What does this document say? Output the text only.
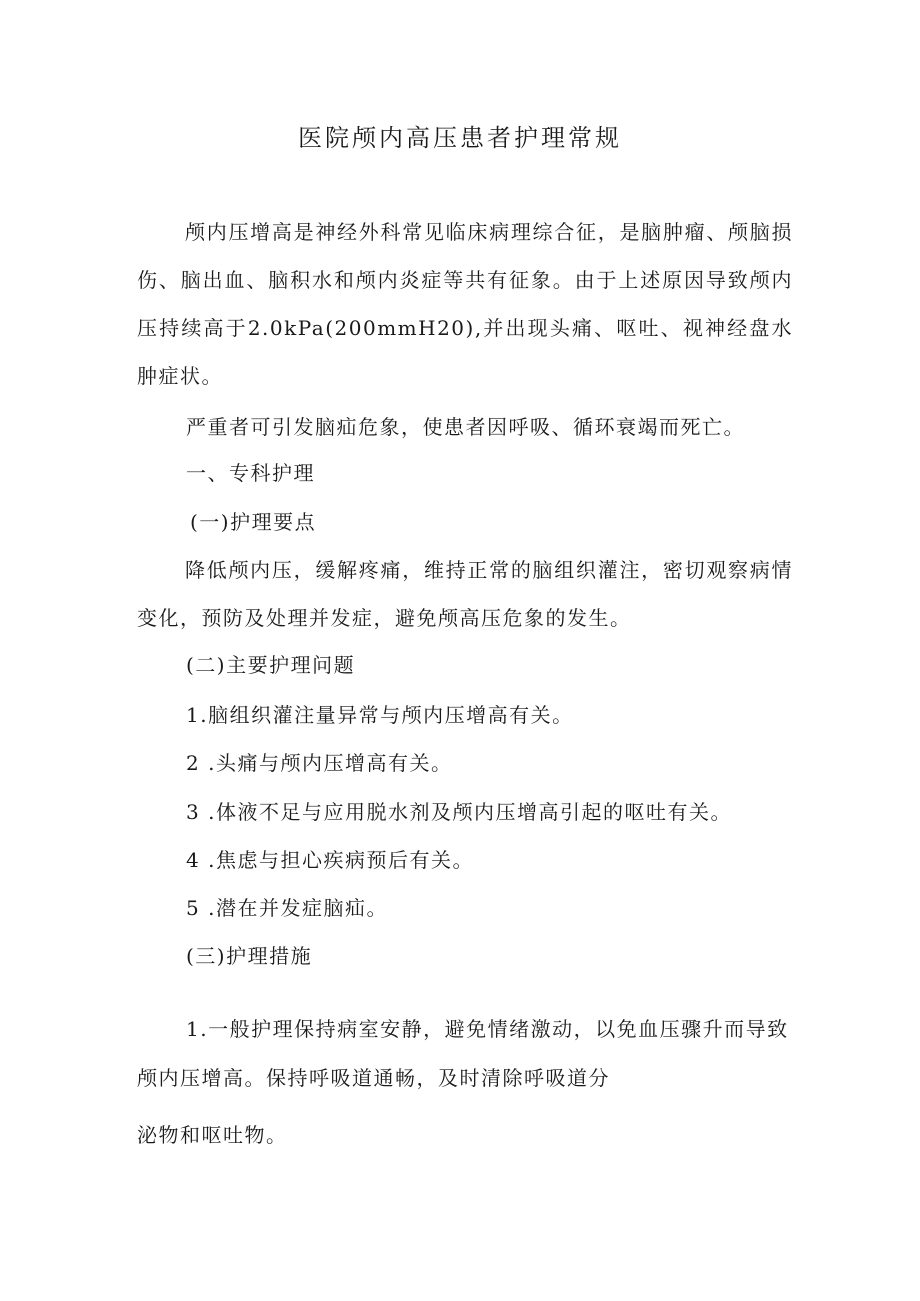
医院颅内高压患者护理常规
颅内压增高是神经外科常见临床病理综合征，是脑肿瘤、颅脑损伤、脑出血、脑积水和颅内炎症等共有征象。由于上述原因导致颅内压持续高于2.0kPa(200mmH20),并出现头痛、呕吐、视神经盘水肿症状。
严重者可引发脑疝危象，使患者因呼吸、循环衰竭而死亡。
一、专科护理
(一)护理要点
降低颅内压，缓解疼痛，维持正常的脑组织灌注，密切观察病情变化，预防及处理并发症，避免颅高压危象的发生。
(二)主要护理问题
1.脑组织灌注量异常与颅内压增高有关。
2 .头痛与颅内压增高有关。
3 .体液不足与应用脱水剂及颅内压增高引起的呕吐有关。
4 .焦虑与担心疾病预后有关。
5 .潜在并发症脑疝。
(三)护理措施
1.一般护理保持病室安静，避免情绪激动，以免血压骤升而导致
颅内压增高。保持呼吸道通畅，及时清除呼吸道分
泌物和呕吐物。
